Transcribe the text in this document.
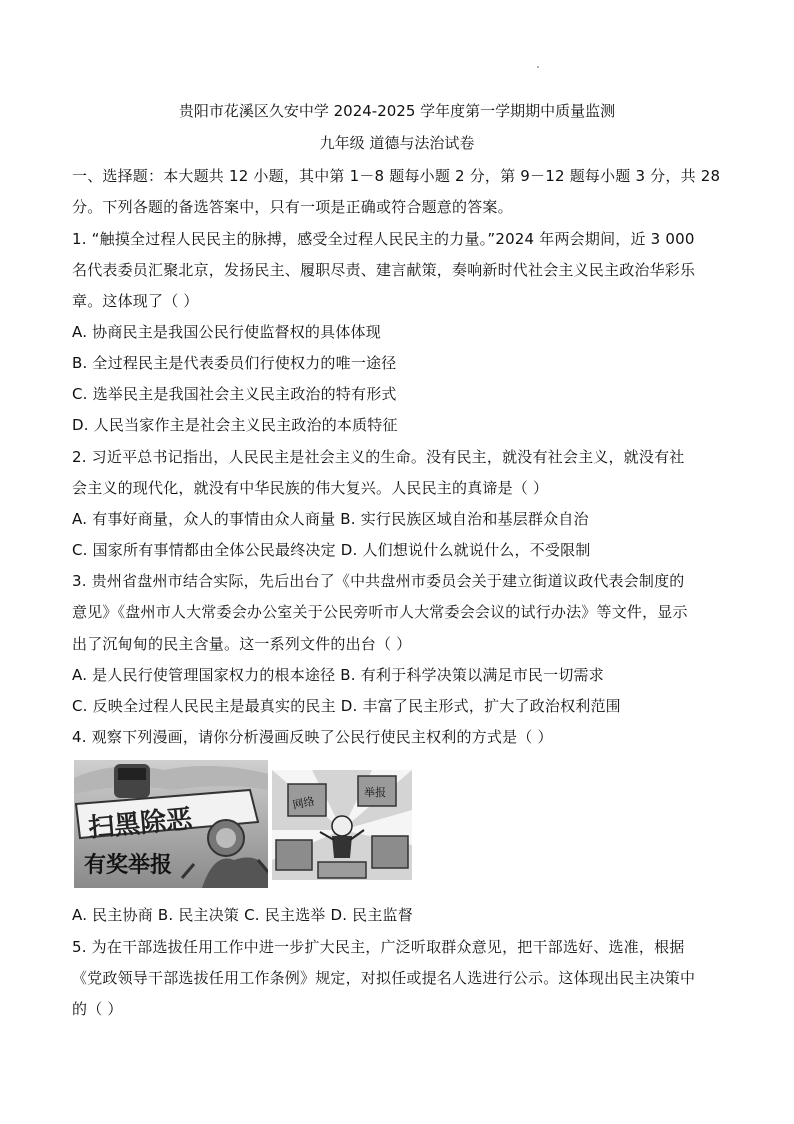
贵阳市花溪区久安中学 2024-2025 学年度第一学期期中质量监测
九年级 道德与法治试卷
一、选择题：本大题共 12 小题，其中第 1－8 题每小题 2 分，第 9－12 题每小题 3 分，共 28
分。下列各题的备选答案中，只有一项是正确或符合题意的答案。
1. “触摸全过程人民民主的脉搏，感受全过程人民民主的力量。”2024 年两会期间，近 3 000
名代表委员汇聚北京，发扬民主、履职尽责、建言献策，奏响新时代社会主义民主政治华彩乐
章。这体现了（ ）
A. 协商民主是我国公民行使监督权的具体体现
B. 全过程民主是代表委员们行使权力的唯一途径
C. 选举民主是我国社会主义民主政治的特有形式
D. 人民当家作主是社会主义民主政治的本质特征
2. 习近平总书记指出，人民民主是社会主义的生命。没有民主，就没有社会主义，就没有社
会主义的现代化，就没有中华民族的伟大复兴。人民民主的真谛是（ ）
A. 有事好商量，众人的事情由众人商量 B. 实行民族区域自治和基层群众自治
C. 国家所有事情都由全体公民最终决定 D. 人们想说什么就说什么，不受限制
3. 贵州省盘州市结合实际，先后出台了《中共盘州市委员会关于建立街道议政代表会制度的
意见》《盘州市人大常委会办公室关于公民旁听市人大常委会会议的试行办法》等文件，显示
出了沉甸甸的民主含量。这一系列文件的出台（ ）
A. 是人民行使管理国家权力的根本途径 B. 有利于科学决策以满足市民一切需求
C. 反映全过程人民民主是最真实的民主 D. 丰富了民主形式，扩大了政治权利范围
4. 观察下列漫画，请你分析漫画反映了公民行使民主权利的方式是（ ）
扫黑除恶
有奖举报
网络
举报
A. 民主协商 B. 民主决策 C. 民主选举 D. 民主监督
5. 为在干部选拔任用工作中进一步扩大民主，广泛听取群众意见，把干部选好、选准，根据
《党政领导干部选拔任用工作条例》规定，对拟任或提名人选进行公示。这体现出民主决策中
的（ ）
